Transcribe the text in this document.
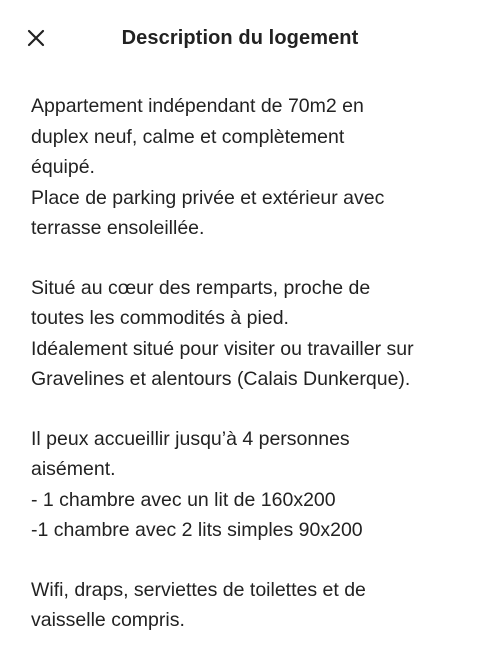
Description du logement
Appartement indépendant de 70m2 en
duplex neuf, calme et complètement
équipé.
Place de parking privée et extérieur avec
terrasse ensoleillée.
Situé au cœur des remparts, proche de
toutes les commodités à pied.
Idéalement situé pour visiter ou travailler sur
Gravelines et alentours (Calais Dunkerque).
Il peux accueillir jusqu’à 4 personnes
aisément.
- 1 chambre avec un lit de 160x200
-1 chambre avec 2 lits simples 90x200
Wifi, draps, serviettes de toilettes et de
vaisselle compris.
